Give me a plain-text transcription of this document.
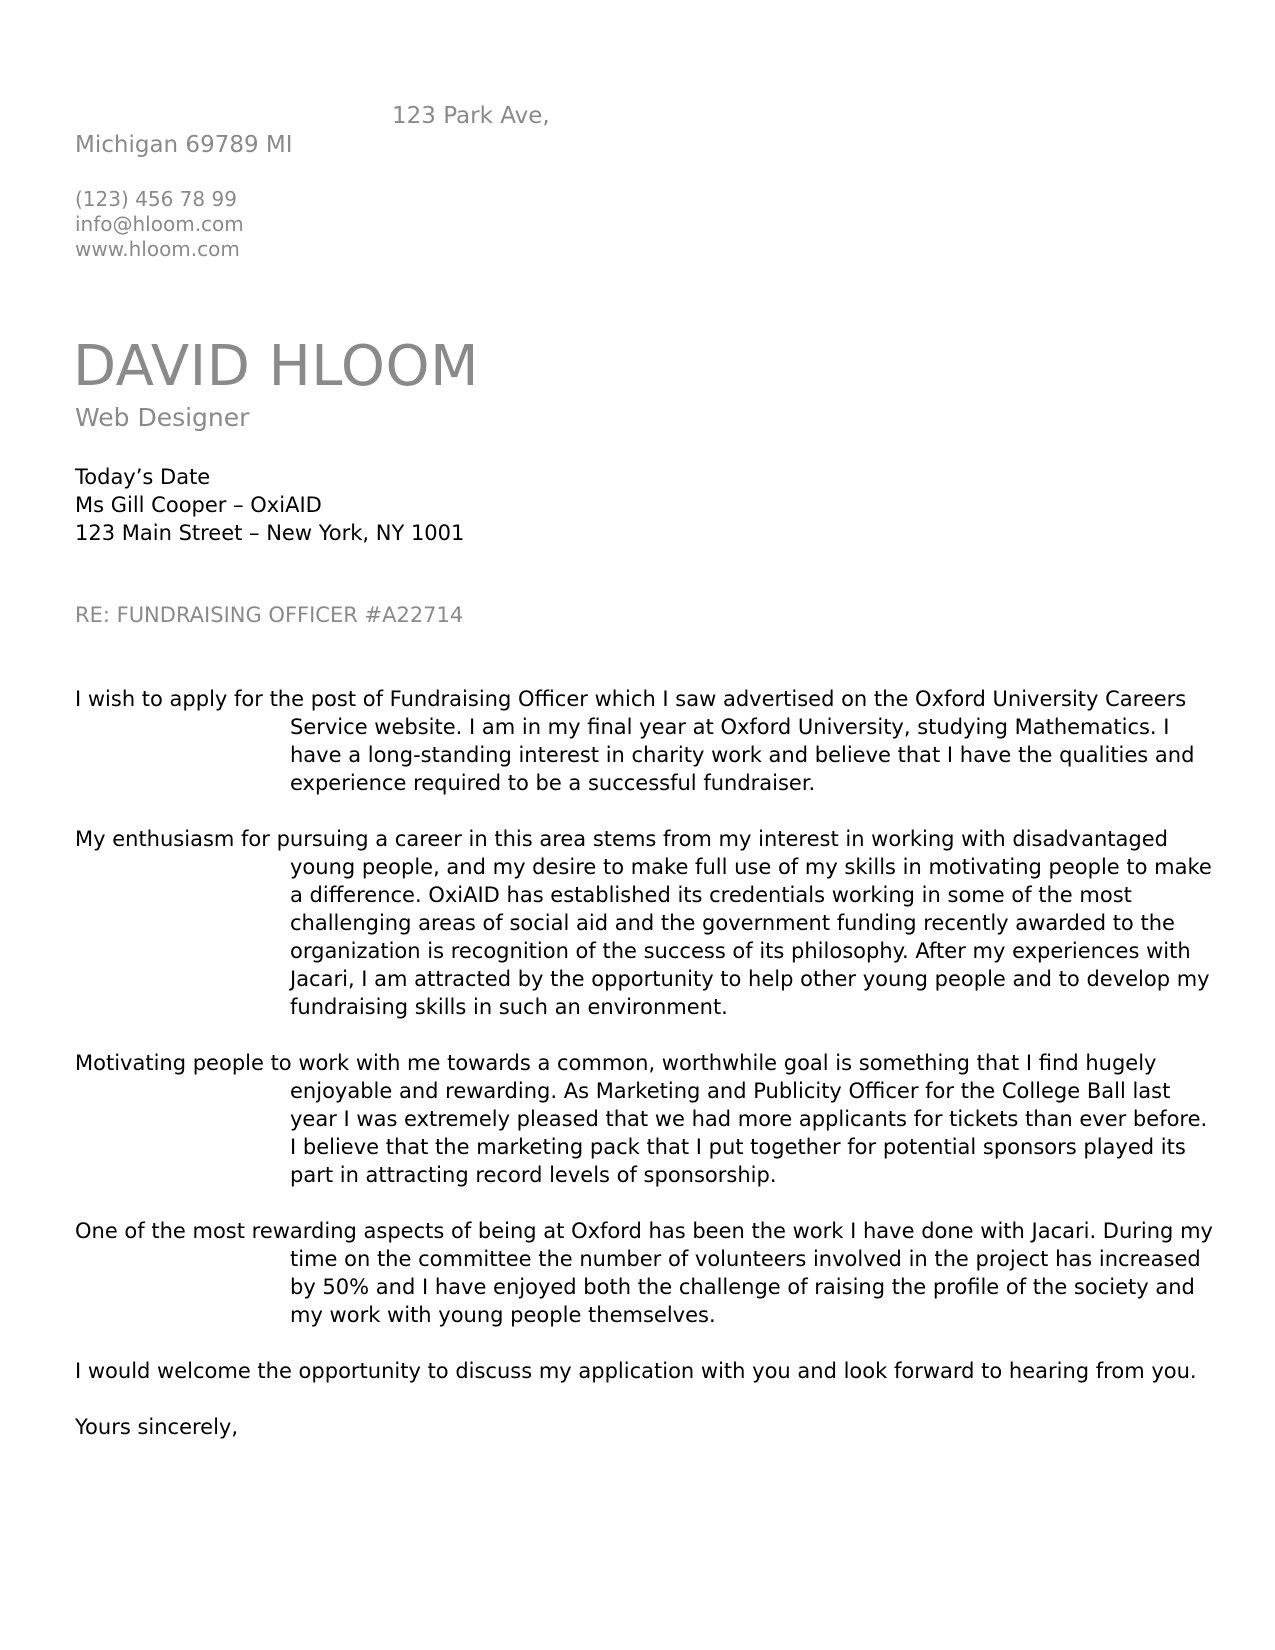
123 Park Ave,
Michigan 69789 MI
(123) 456 78 99
info@hloom.com
www.hloom.com
DAVID HLOOM
Web Designer
Today’s Date
Ms Gill Cooper – OxiAID
123 Main Street – New York, NY 1001
RE: FUNDRAISING OFFICER #A22714

I wish to apply for the post of Fundraising Officer which I saw advertised on the Oxford University Careers Service website. I am in my final year at Oxford University, studying Mathematics. I have a long-standing interest in charity work and believe that I have the qualities and experience required to be a successful fundraiser.

My enthusiasm for pursuing a career in this area stems from my interest in working with disadvantaged young people, and my desire to make full use of my skills in motivating people to make a difference. OxiAID has established its credentials working in some of the most challenging areas of social aid and the government funding recently awarded to the organization is recognition of the success of its philosophy. After my experiences with Jacari, I am attracted by the opportunity to help other young people and to develop my fundraising skills in such an environment.

Motivating people to work with me towards a common, worthwhile goal is something that I find hugely enjoyable and rewarding. As Marketing and Publicity Officer for the College Ball last year I was extremely pleased that we had more applicants for tickets than ever before. I believe that the marketing pack that I put together for potential sponsors played its part in attracting record levels of sponsorship.

One of the most rewarding aspects of being at Oxford has been the work I have done with Jacari. During my time on the committee the number of volunteers involved in the project has increased by 50% and I have enjoyed both the challenge of raising the profile of the society and my work with young people themselves.

I would welcome the opportunity to discuss my application with you and look forward to hearing from you.

Yours sincerely,
